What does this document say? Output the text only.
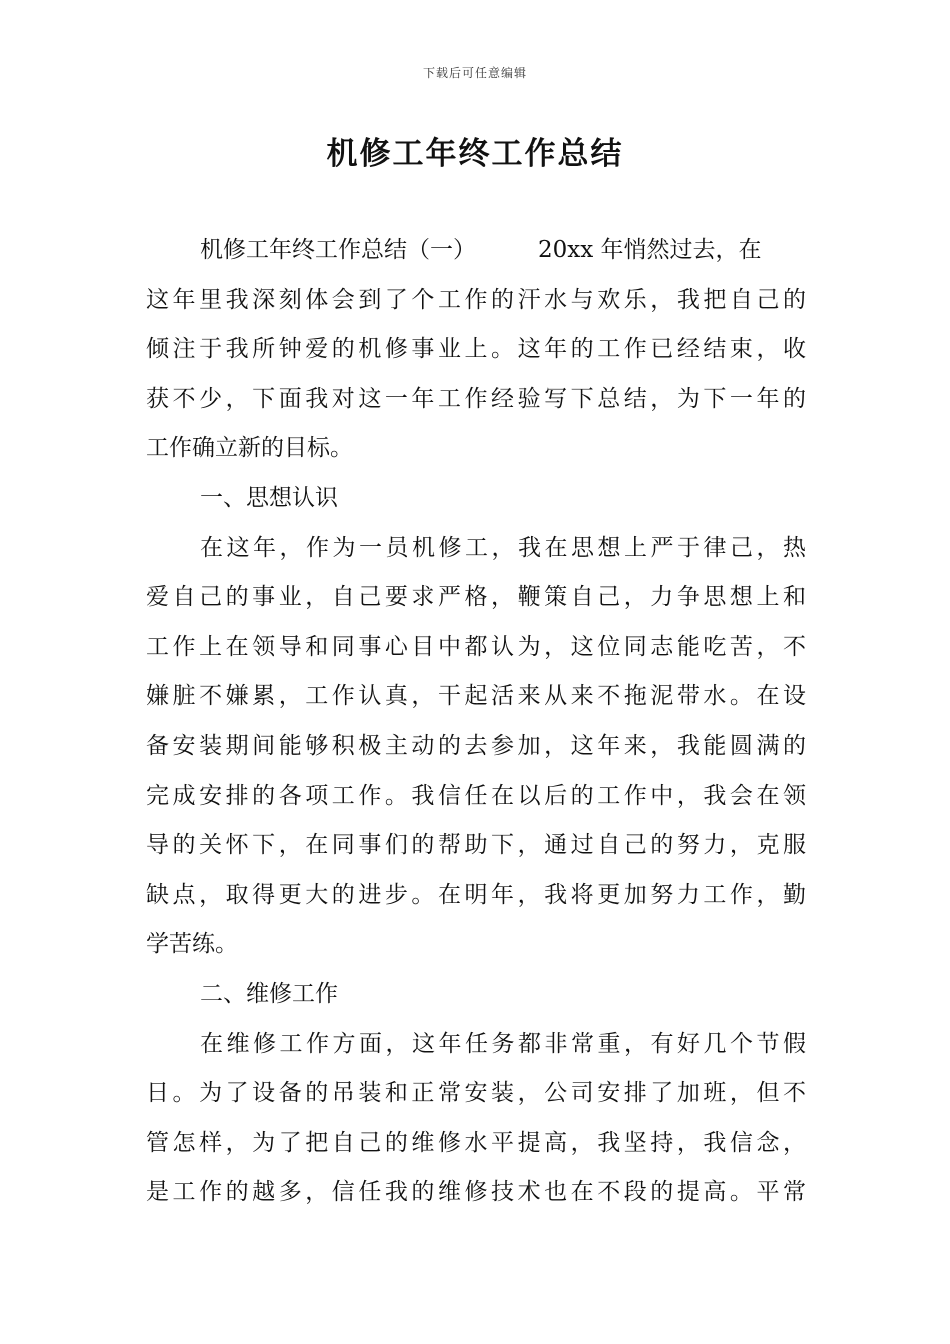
下载后可任意编辑
机修工年终工作总结
机修工年终工作总结（一）	20xx 年悄然过去，在
这年里我深刻体会到了个工作的汗水与欢乐，我把自己的
倾注于我所钟爱的机修事业上。这年的工作已经结束，收
获不少，下面我对这一年工作经验写下总结，为下一年的
工作确立新的目标。
一、思想认识
在这年，作为一员机修工，我在思想上严于律己，热
爱自己的事业，自己要求严格，鞭策自己，力争思想上和
工作上在领导和同事心目中都认为，这位同志能吃苦，不
嫌脏不嫌累，工作认真，干起活来从来不拖泥带水。在设
备安装期间能够积极主动的去参加，这年来，我能圆满的
完成安排的各项工作。我信任在以后的工作中，我会在领
导的关怀下，在同事们的帮助下，通过自己的努力，克服
缺点，取得更大的进步。在明年，我将更加努力工作，勤
学苦练。
二、维修工作
在维修工作方面，这年任务都非常重，有好几个节假
日。为了设备的吊装和正常安装，公司安排了加班，但不
管怎样，为了把自己的维修水平提高，我坚持，我信念，
是工作的越多，信任我的维修技术也在不段的提高。平常
